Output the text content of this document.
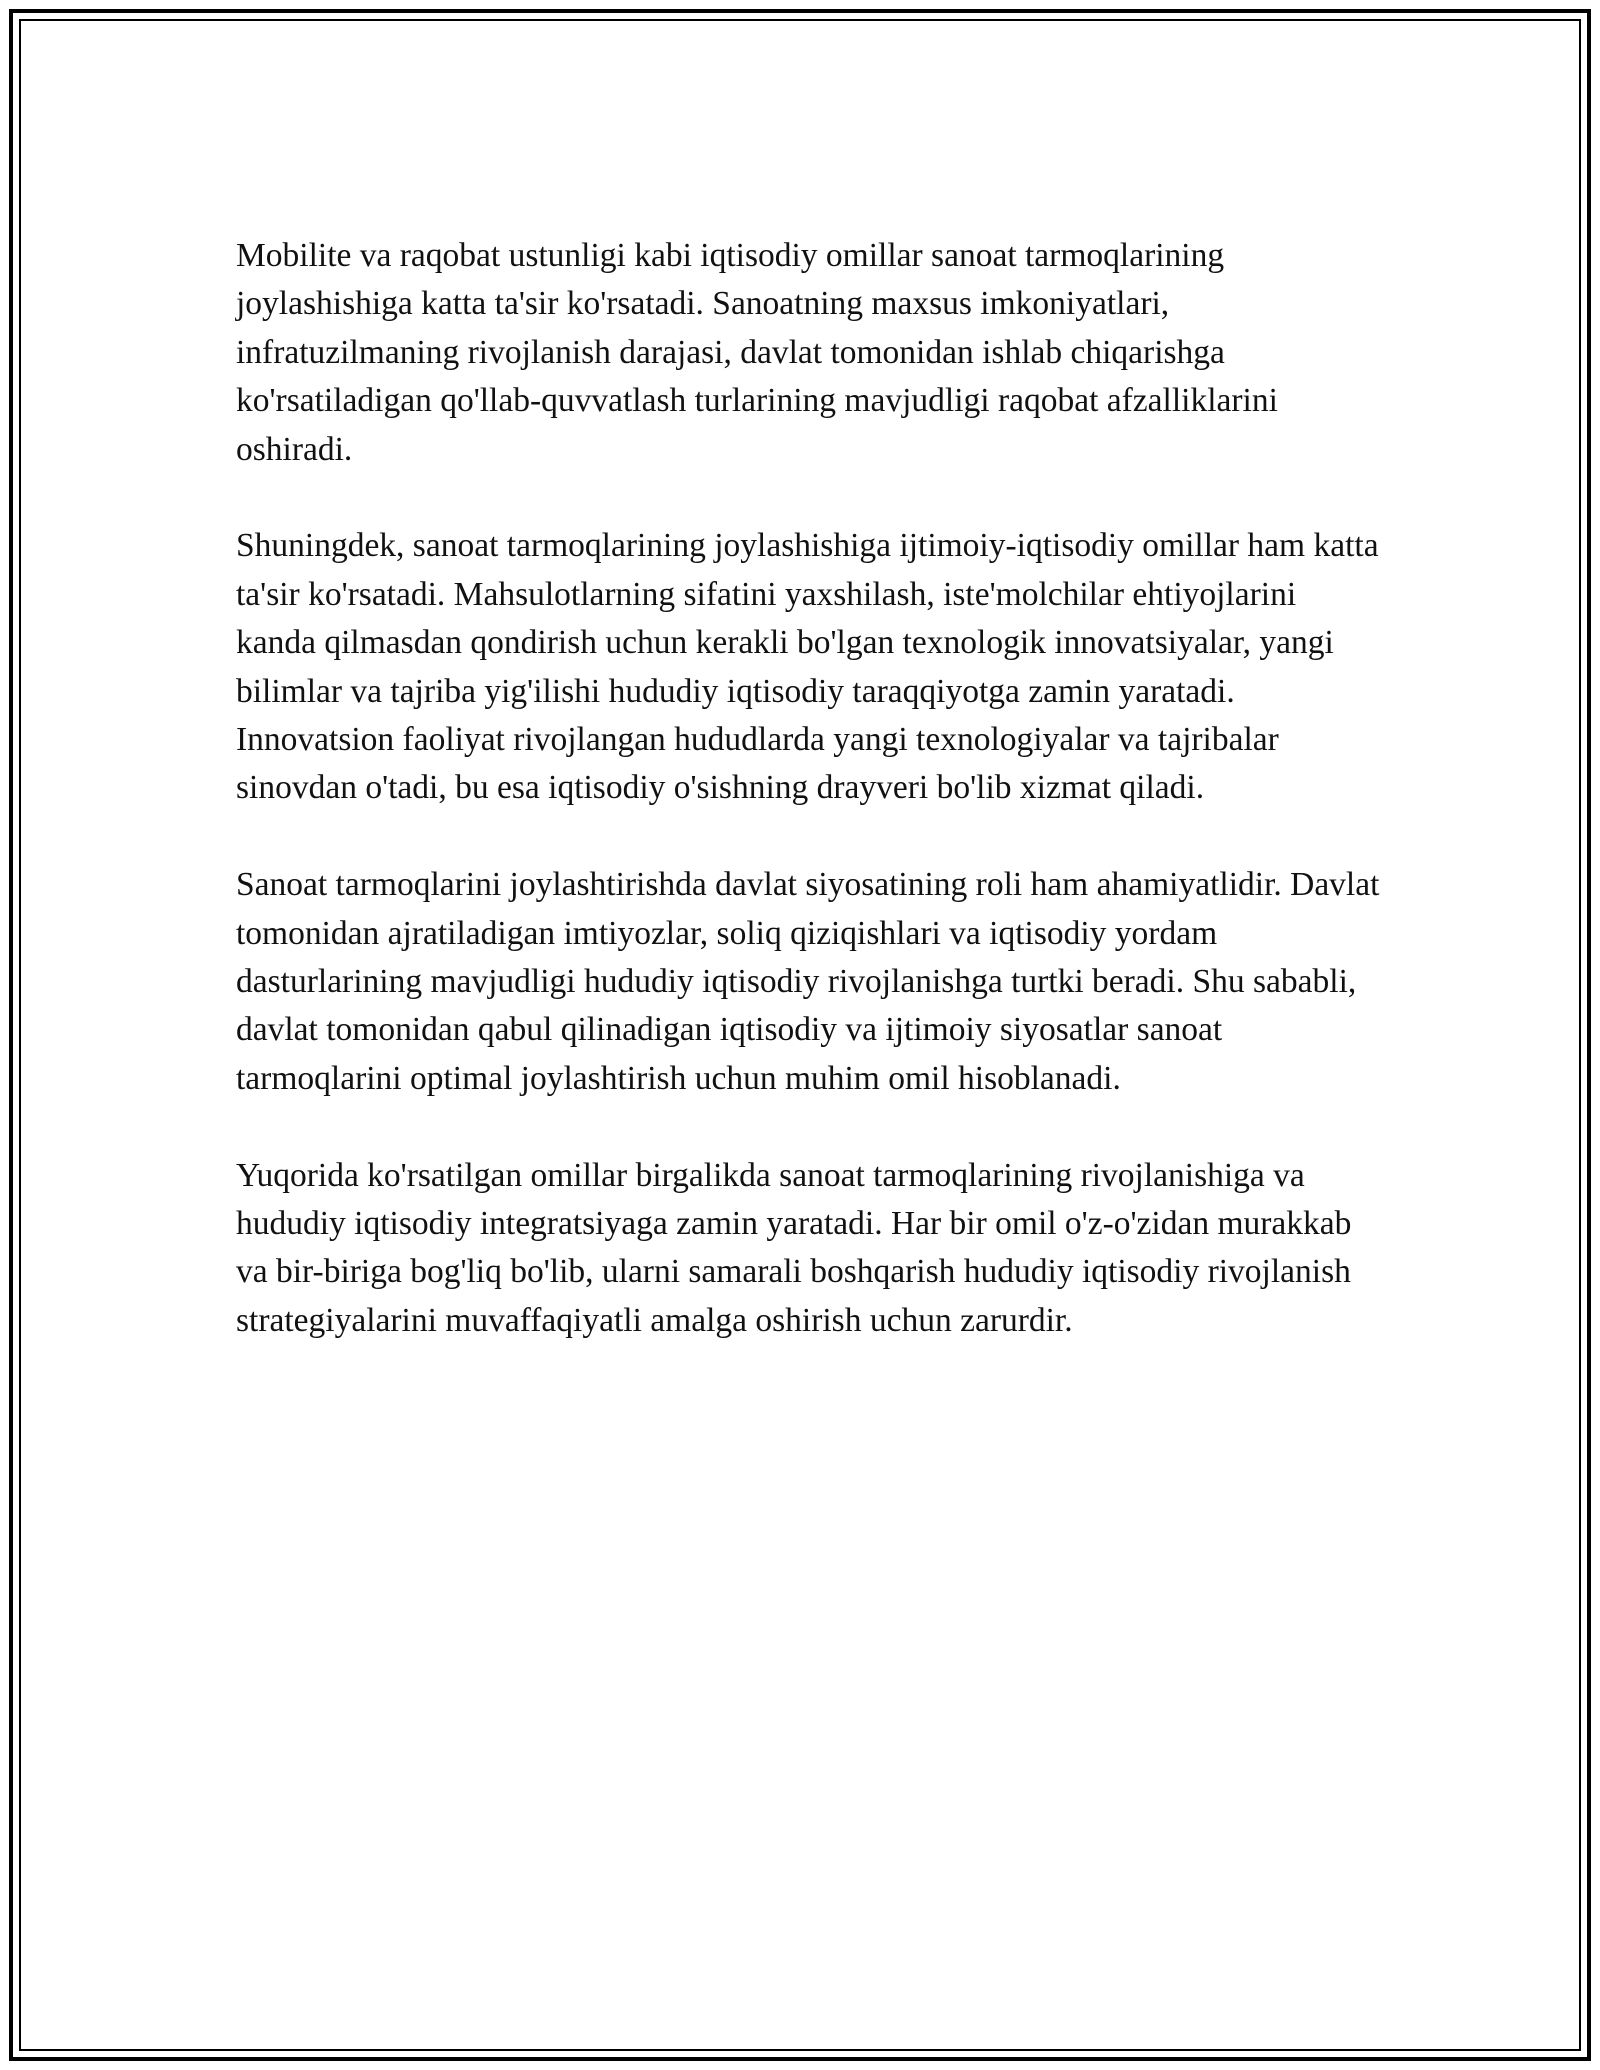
Mobilite va raqobat ustunligi kabi iqtisodiy omillar sanoat tarmoqlarining joylashishiga katta ta'sir ko'rsatadi. Sanoatning maxsus imkoniyatlari, infratuzilmaning rivojlanish darajasi, davlat tomonidan ishlab chiqarishga ko'rsatiladigan qo'llab-quvvatlash turlarining mavjudligi raqobat afzalliklarini oshiradi.

Shuningdek, sanoat tarmoqlarining joylashishiga ijtimoiy-iqtisodiy omillar ham katta ta'sir ko'rsatadi. Mahsulotlarning sifatini yaxshilash, iste'molchilar ehtiyojlarini kanda qilmasdan qondirish uchun kerakli bo'lgan texnologik innovatsiyalar, yangi bilimlar va tajriba yig'ilishi hududiy iqtisodiy taraqqiyotga zamin yaratadi. Innovatsion faoliyat rivojlangan hududlarda yangi texnologiyalar va tajribalar sinovdan o'tadi, bu esa iqtisodiy o'sishning drayveri bo'lib xizmat qiladi.

Sanoat tarmoqlarini joylashtirishda davlat siyosatining roli ham ahamiyatlidir. Davlat tomonidan ajratiladigan imtiyozlar, soliq qiziqishlari va iqtisodiy yordam dasturlarining mavjudligi hududiy iqtisodiy rivojlanishga turtki beradi. Shu sababli, davlat tomonidan qabul qilinadigan iqtisodiy va ijtimoiy siyosatlar sanoat tarmoqlarini optimal joylashtirish uchun muhim omil hisoblanadi.

Yuqorida ko'rsatilgan omillar birgalikda sanoat tarmoqlarining rivojlanishiga va hududiy iqtisodiy integratsiyaga zamin yaratadi. Har bir omil o'z-o'zidan murakkab va bir-biriga bog'liq bo'lib, ularni samarali boshqarish hududiy iqtisodiy rivojlanish strategiyalarini muvaffaqiyatli amalga oshirish uchun zarurdir.
